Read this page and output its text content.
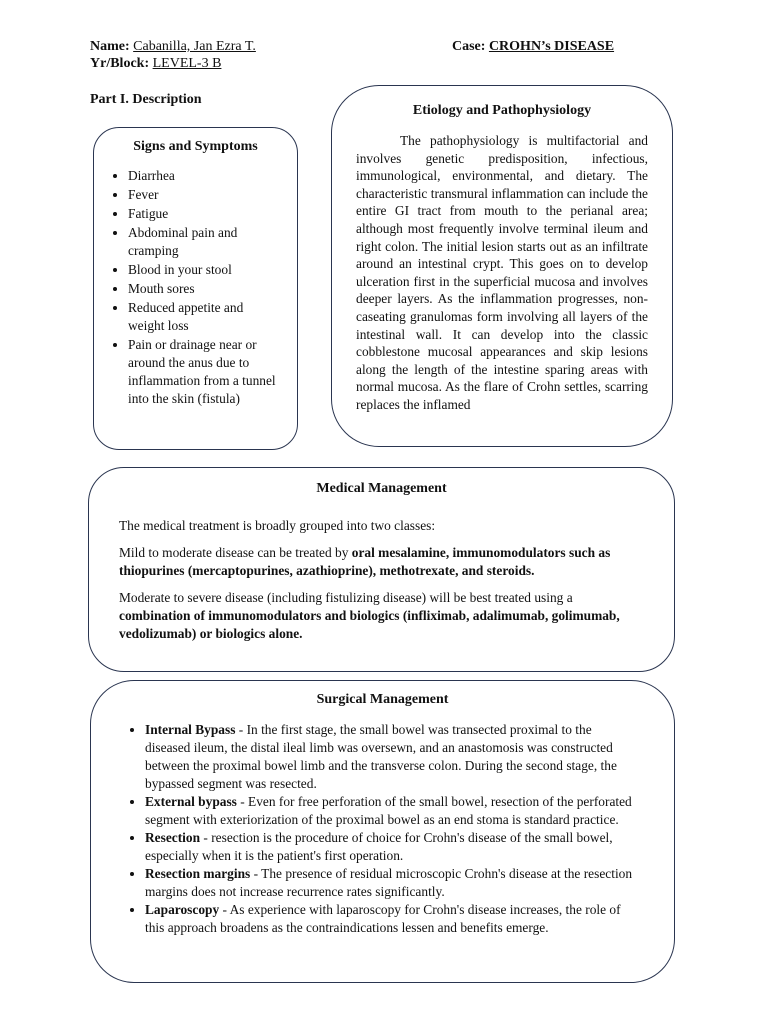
Name: Cabanilla, Jan Ezra T.
Yr/Block: LEVEL-3 B
Case: CROHN’s DISEASE
Part I. Description
Signs and Symptoms
• Diarrhea
• Fever
• Fatigue
• Abdominal pain and cramping
• Blood in your stool
• Mouth sores
• Reduced appetite and weight loss
• Pain or drainage near or around the anus due to inflammation from a tunnel into the skin (fistula)
Etiology and Pathophysiology
The pathophysiology is multifactorial and involves genetic predisposition, infectious, immunological, environmental, and dietary. The characteristic transmural inflammation can include the entire GI tract from mouth to the perianal area; although most frequently involve terminal ileum and right colon. The initial lesion starts out as an infiltrate around an intestinal crypt. This goes on to develop ulceration first in the superficial mucosa and involves deeper layers. As the inflammation progresses, non-caseating granulomas form involving all layers of the intestinal wall. It can develop into the classic cobblestone mucosal appearances and skip lesions along the length of the intestine sparing areas with normal mucosa. As the flare of Crohn settles, scarring replaces the inflamed
Medical Management

The medical treatment is broadly grouped into two classes:

Mild to moderate disease can be treated by oral mesalamine, immunomodulators such as thiopurines (mercaptopurines, azathioprine), methotrexate, and steroids.

Moderate to severe disease (including fistulizing disease) will be best treated using a combination of immunomodulators and biologics (infliximab, adalimumab, golimumab, vedolizumab) or biologics alone.

Surgical Management
• Internal Bypass - In the first stage, the small bowel was transected proximal to the diseased ileum, the distal ileal limb was oversewn, and an anastomosis was constructed between the proximal bowel limb and the transverse colon. During the second stage, the bypassed segment was resected.
• External bypass - Even for free perforation of the small bowel, resection of the perforated segment with exteriorization of the proximal bowel as an end stoma is standard practice.
• Resection - resection is the procedure of choice for Crohn's disease of the small bowel, especially when it is the patient's first operation.
• Resection margins - The presence of residual microscopic Crohn's disease at the resection margins does not increase recurrence rates significantly.
• Laparoscopy - As experience with laparoscopy for Crohn's disease increases, the role of this approach broadens as the contraindications lessen and benefits emerge.
